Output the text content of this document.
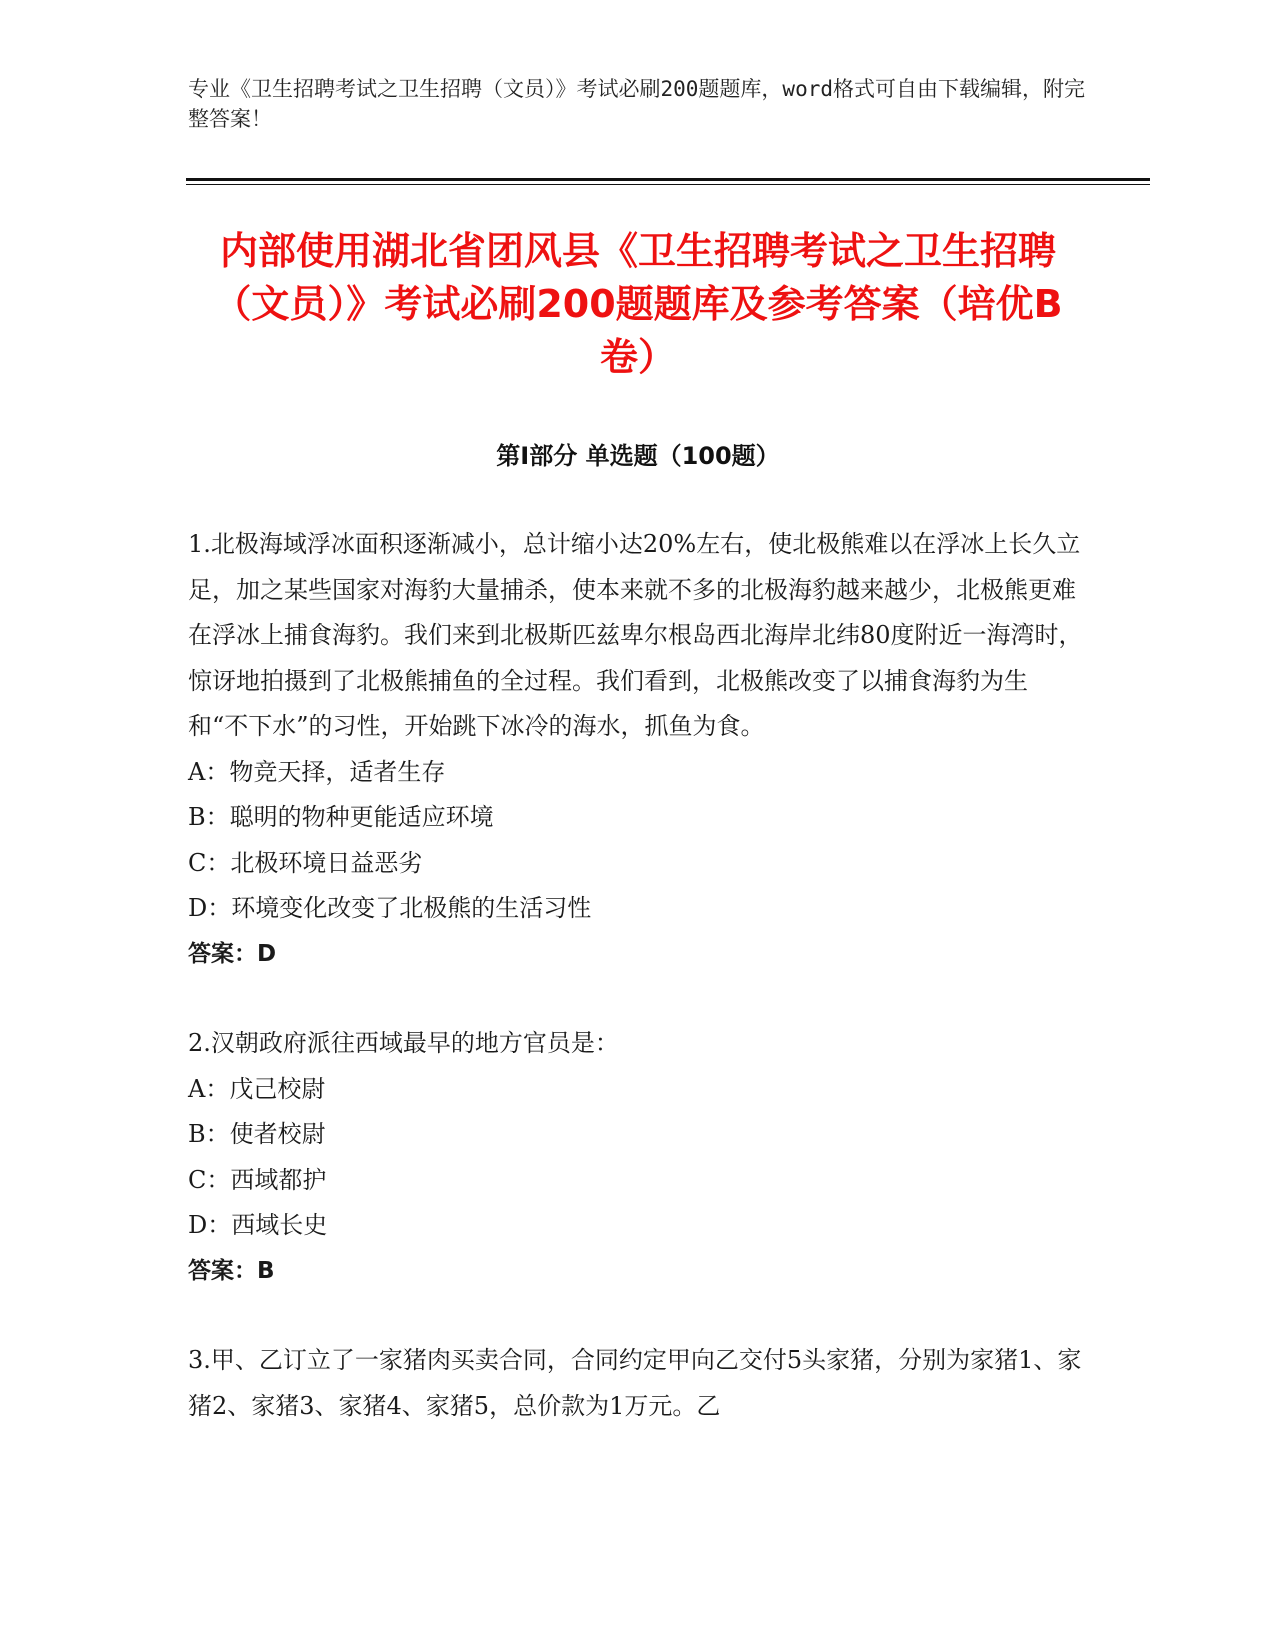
专业《卫生招聘考试之卫生招聘（文员）》考试必刷200题题库，word格式可自由下载编辑，附完整答案！
内部使用湖北省团风县《卫生招聘考试之卫生招聘（文员）》考试必刷200题题库及参考答案（培优B卷）
第Ⅰ部分 单选题（100题）

1.北极海域浮冰面积逐渐减小，总计缩小达20%左右，使北极熊难以在浮冰上长久立足，加之某些国家对海豹大量捕杀，使本来就不多的北极海豹越来越少，北极熊更难在浮冰上捕食海豹。我们来到北极斯匹兹卑尔根岛西北海岸北纬80度附近一海湾时，惊讶地拍摄到了北极熊捕鱼的全过程。我们看到，北极熊改变了以捕食海豹为生和“不下水”的习性，开始跳下冰冷的海水，抓鱼为食。

A：物竞天择，适者生存

B：聪明的物种更能适应环境

C：北极环境日益恶劣

D：环境变化改变了北极熊的生活习性

答案：D

2.汉朝政府派往西域最早的地方官员是：

A：戊己校尉

B：使者校尉

C：西域都护

D：西域长史

答案：B

3.甲、乙订立了一家猪肉买卖合同，合同约定甲向乙交付5头家猪，分别为家猪1、家猪2、家猪3、家猪4、家猪5，总价款为1万元。乙
